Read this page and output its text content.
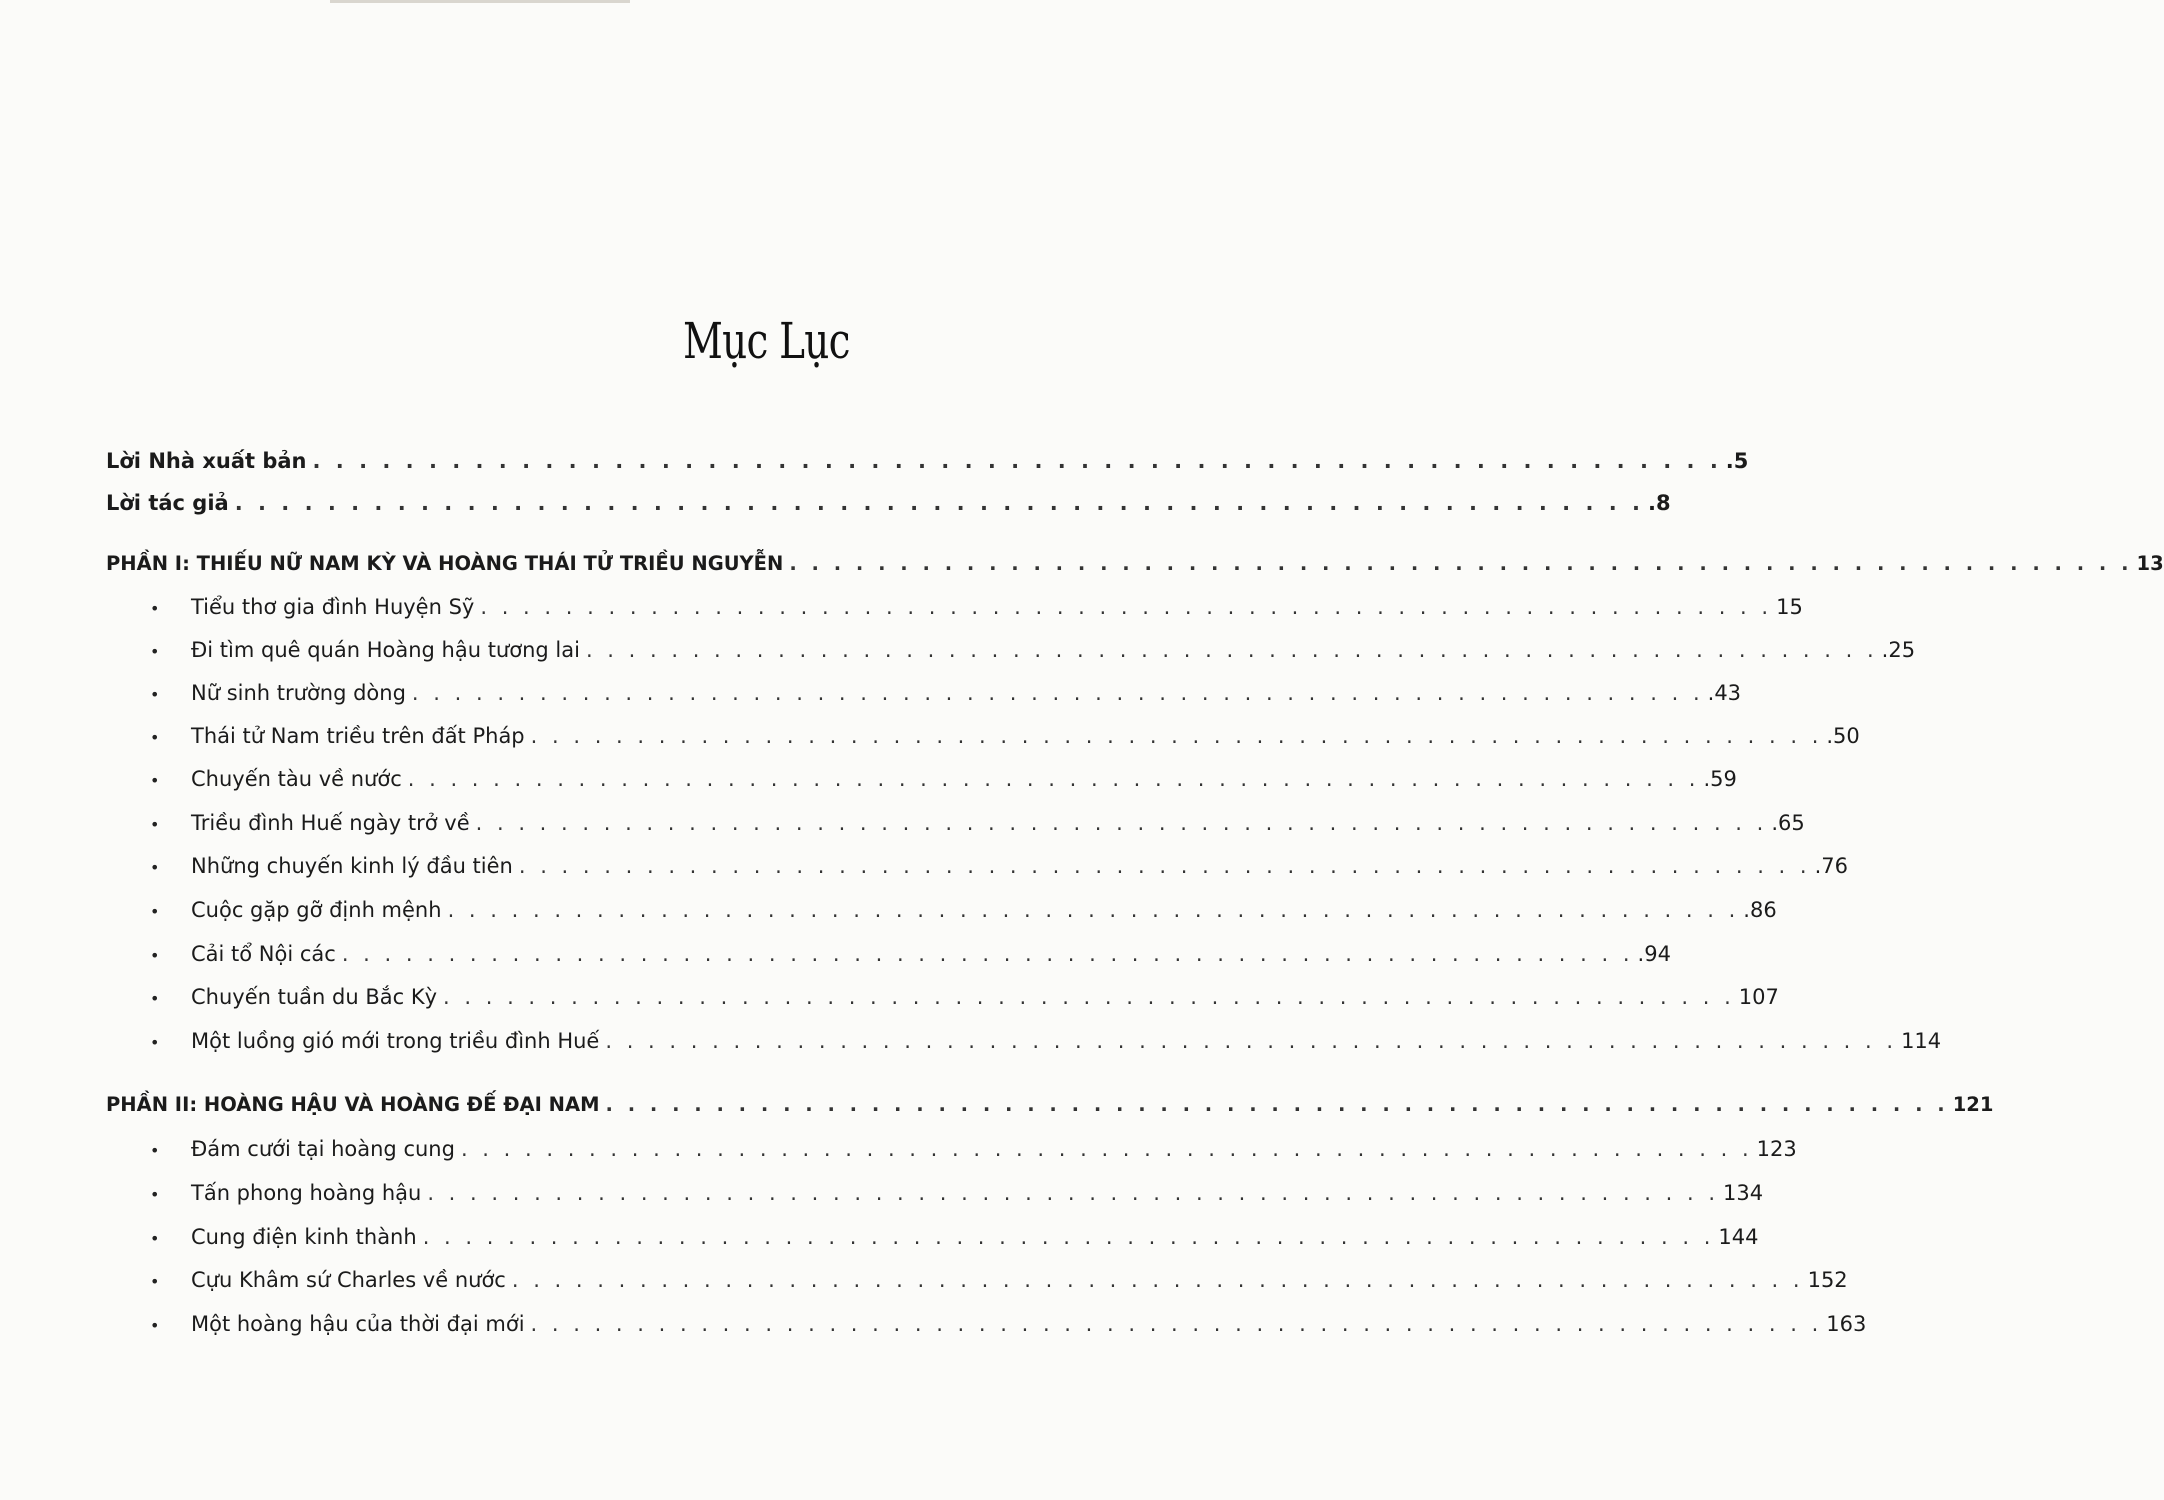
Mục Lục
Lời Nhà xuất bản . . . . . . . . . . . . . . . . . . . . . . . . . . . . . . . . . . . . . . . . . . . . . . . . . . . . . . . . . . . . . .5
Lời tác giả . . . . . . . . . . . . . . . . . . . . . . . . . . . . . . . . . . . . . . . . . . . . . . . . . . . . . . . . . . . . . .8
PHẦN I: THIẾU NỮ NAM KỲ VÀ HOÀNG THÁI TỬ TRIỀU NGUYỄN . . . . . . . . . . . . . . . . . . . . . . . . . . . . . . . . . . . . . . . . . . . . . . . . . . . . . . . . . . . . . 13
•	Tiểu thơ gia đình Huyện Sỹ . . . . . . . . . . . . . . . . . . . . . . . . . . . . . . . . . . . . . . . . . . . . . . . . . . . . . . . . . . . . . 15
•	Đi tìm quê quán Hoàng hậu tương lai . . . . . . . . . . . . . . . . . . . . . . . . . . . . . . . . . . . . . . . . . . . . . . . . . . . . . . . . . . . . . .25
•	Nữ sinh trường dòng . . . . . . . . . . . . . . . . . . . . . . . . . . . . . . . . . . . . . . . . . . . . . . . . . . . . . . . . . . . . . .43
•	Thái tử Nam triều trên đất Pháp . . . . . . . . . . . . . . . . . . . . . . . . . . . . . . . . . . . . . . . . . . . . . . . . . . . . . . . . . . . . . .50
•	Chuyến tàu về nước . . . . . . . . . . . . . . . . . . . . . . . . . . . . . . . . . . . . . . . . . . . . . . . . . . . . . . . . . . . . . .59
•	Triều đình Huế ngày trở về . . . . . . . . . . . . . . . . . . . . . . . . . . . . . . . . . . . . . . . . . . . . . . . . . . . . . . . . . . . . . .65
•	Những chuyến kinh lý đầu tiên . . . . . . . . . . . . . . . . . . . . . . . . . . . . . . . . . . . . . . . . . . . . . . . . . . . . . . . . . . . . . .76
•	Cuộc gặp gỡ định mệnh . . . . . . . . . . . . . . . . . . . . . . . . . . . . . . . . . . . . . . . . . . . . . . . . . . . . . . . . . . . . . .86
•	Cải tổ Nội các . . . . . . . . . . . . . . . . . . . . . . . . . . . . . . . . . . . . . . . . . . . . . . . . . . . . . . . . . . . . . .94
•	Chuyến tuần du Bắc Kỳ . . . . . . . . . . . . . . . . . . . . . . . . . . . . . . . . . . . . . . . . . . . . . . . . . . . . . . . . . . . . . 107
•	Một luồng gió mới trong triều đình Huế . . . . . . . . . . . . . . . . . . . . . . . . . . . . . . . . . . . . . . . . . . . . . . . . . . . . . . . . . . . . . 114
PHẦN II: HOÀNG HẬU VÀ HOÀNG ĐẾ ĐẠI NAM . . . . . . . . . . . . . . . . . . . . . . . . . . . . . . . . . . . . . . . . . . . . . . . . . . . . . . . . . . . . . 121
•	Đám cưới tại hoàng cung . . . . . . . . . . . . . . . . . . . . . . . . . . . . . . . . . . . . . . . . . . . . . . . . . . . . . . . . . . . . . 123
•	Tấn phong hoàng hậu . . . . . . . . . . . . . . . . . . . . . . . . . . . . . . . . . . . . . . . . . . . . . . . . . . . . . . . . . . . . . 134
•	Cung điện kinh thành . . . . . . . . . . . . . . . . . . . . . . . . . . . . . . . . . . . . . . . . . . . . . . . . . . . . . . . . . . . . . 144
•	Cựu Khâm sứ Charles về nước . . . . . . . . . . . . . . . . . . . . . . . . . . . . . . . . . . . . . . . . . . . . . . . . . . . . . . . . . . . . . 152
•	Một hoàng hậu của thời đại mới . . . . . . . . . . . . . . . . . . . . . . . . . . . . . . . . . . . . . . . . . . . . . . . . . . . . . . . . . . . . . 163
